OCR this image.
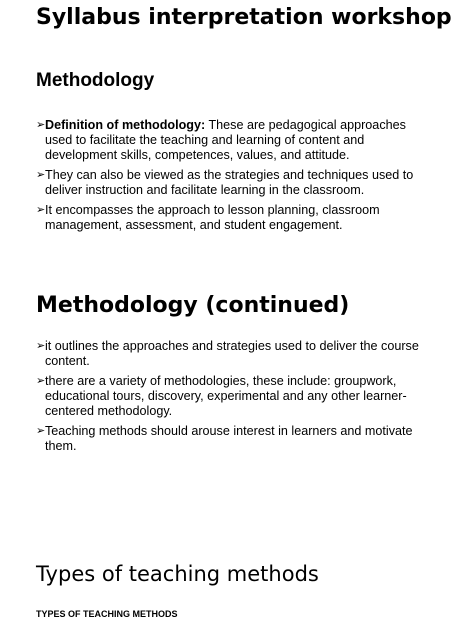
Syllabus interpretation workshop
Methodology
➢ Definition of methodology: These are pedagogical approaches used to facilitate the teaching and learning of content and development skills, competences, values, and attitude.
➢ They can also be viewed as the strategies and techniques used to deliver instruction and facilitate learning in the classroom.
➢ It encompasses the approach to lesson planning, classroom management, assessment, and student engagement.
Methodology (continued)
➢ it outlines the approaches and strategies used to deliver the course content.
➢ there are a variety of methodologies, these include: groupwork, educational tours, discovery, experimental and any other learner-centered methodology.
➢ Teaching methods should arouse interest in learners and motivate them.
Types of teaching methods
TYPES OF TEACHING METHODS
